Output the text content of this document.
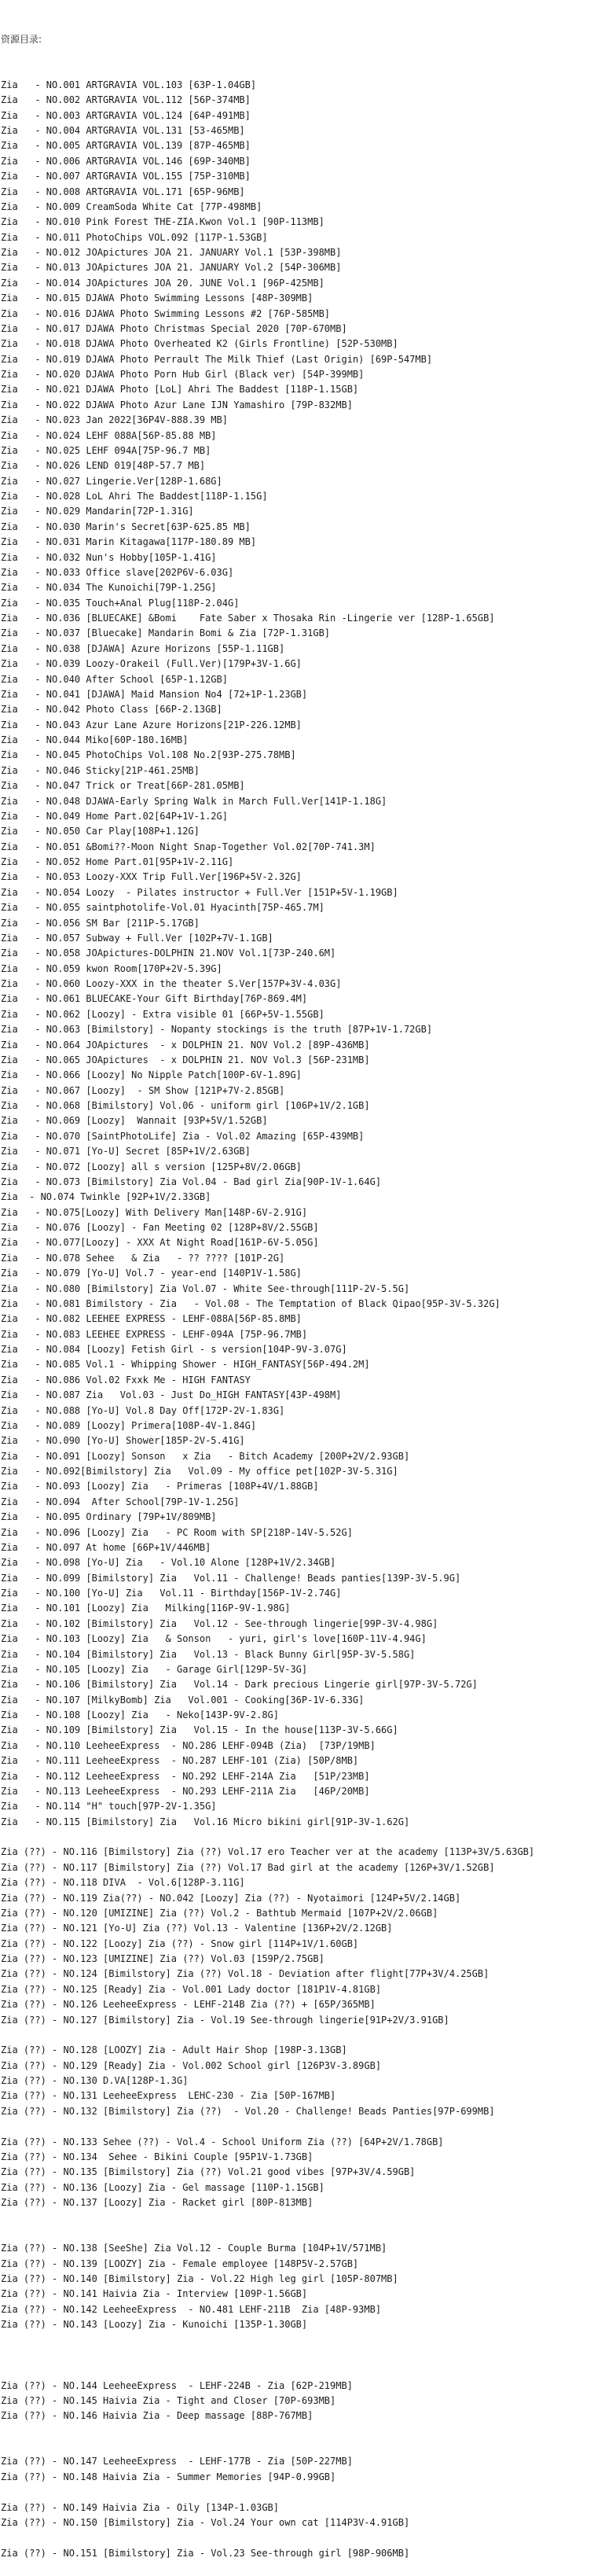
资源目录:

Zia   - NO.001 ARTGRAVIA VOL.103 [63P-1.04GB]
Zia   - NO.002 ARTGRAVIA VOL.112 [56P-374MB]
Zia   - NO.003 ARTGRAVIA VOL.124 [64P-491MB]
Zia   - NO.004 ARTGRAVIA VOL.131 [53-465MB]
Zia   - NO.005 ARTGRAVIA VOL.139 [87P-465MB]
Zia   - NO.006 ARTGRAVIA VOL.146 [69P-340MB]
Zia   - NO.007 ARTGRAVIA VOL.155 [75P-310MB]
Zia   - NO.008 ARTGRAVIA VOL.171 [65P-96MB]
Zia   - NO.009 CreamSoda White Cat [77P-498MB]
Zia   - NO.010 Pink Forest THE-ZIA.Kwon Vol.1 [90P-113MB]
Zia   - NO.011 PhotoChips VOL.092 [117P-1.53GB]
Zia   - NO.012 JOApictures JOA 21. JANUARY Vol.1 [53P-398MB]
Zia   - NO.013 JOApictures JOA 21. JANUARY Vol.2 [54P-306MB]
Zia   - NO.014 JOApictures JOA 20. JUNE Vol.1 [96P-425MB]
Zia   - NO.015 DJAWA Photo Swimming Lessons [48P-309MB]
Zia   - NO.016 DJAWA Photo Swimming Lessons #2 [76P-585MB]
Zia   - NO.017 DJAWA Photo Christmas Special 2020 [70P-670MB]
Zia   - NO.018 DJAWA Photo Overheated K2 (Girls Frontline) [52P-530MB]
Zia   - NO.019 DJAWA Photo Perrault The Milk Thief (Last Origin) [69P-547MB]
Zia   - NO.020 DJAWA Photo Porn Hub Girl (Black ver) [54P-399MB]
Zia   - NO.021 DJAWA Photo [LoL] Ahri The Baddest [118P-1.15GB]
Zia   - NO.022 DJAWA Photo Azur Lane IJN Yamashiro [79P-832MB]
Zia   - NO.023 Jan 2022[36P4V-888.39 MB]
Zia   - NO.024 LEHF 088A[56P-85.88 MB]
Zia   - NO.025 LEHF 094A[75P-96.7 MB]
Zia   - NO.026 LEND 019[48P-57.7 MB]
Zia   - NO.027 Lingerie.Ver[128P-1.68G]
Zia   - NO.028 LoL Ahri The Baddest[118P-1.15G]
Zia   - NO.029 Mandarin[72P-1.31G]
Zia   - NO.030 Marin's Secret[63P-625.85 MB]
Zia   - NO.031 Marin Kitagawa[117P-180.89 MB]
Zia   - NO.032 Nun's Hobby[105P-1.41G]
Zia   - NO.033 Office slave[202P6V-6.03G]
Zia   - NO.034 The Kunoichi[79P-1.25G]
Zia   - NO.035 Touch+Anal Plug[118P-2.04G]
Zia   - NO.036 [BLUECAKE] &Bomi    Fate Saber x Thosaka Rin -Lingerie ver [128P-1.65GB]
Zia   - NO.037 [Bluecake] Mandarin Bomi & Zia [72P-1.31GB]
Zia   - NO.038 [DJAWA] Azure Horizons [55P-1.11GB]
Zia   - NO.039 Loozy-Orakeil (Full.Ver)[179P+3V-1.6G]
Zia   - NO.040 After School [65P-1.12GB]
Zia   - NO.041 [DJAWA] Maid Mansion No4 [72+1P-1.23GB]
Zia   - NO.042 Photo Class [66P-2.13GB]
Zia   - NO.043 Azur Lane Azure Horizons[21P-226.12MB]
Zia   - NO.044 Miko[60P-180.16MB]
Zia   - NO.045 PhotoChips Vol.108 No.2[93P-275.78MB]
Zia   - NO.046 Sticky[21P-461.25MB]
Zia   - NO.047 Trick or Treat[66P-281.05MB]
Zia   - NO.048 DJAWA-Early Spring Walk in March Full.Ver[141P-1.18G]
Zia   - NO.049 Home Part.02[64P+1V-1.2G]
Zia   - NO.050 Car Play[108P+1.12G]
Zia   - NO.051 &Bomi??-Moon Night Snap-Together Vol.02[70P-741.3M]
Zia   - NO.052 Home Part.01[95P+1V-2.11G]
Zia   - NO.053 Loozy-XXX Trip Full.Ver[196P+5V-2.32G]
Zia   - NO.054 Loozy  - Pilates instructor + Full.Ver [151P+5V-1.19GB]
Zia   - NO.055 saintphotolife-Vol.01 Hyacinth[75P-465.7M]
Zia   - NO.056 SM Bar [211P-5.17GB]
Zia   - NO.057 Subway + Full.Ver [102P+7V-1.1GB]
Zia   - NO.058 JOApictures-DOLPHIN 21.NOV Vol.1[73P-240.6M]
Zia   - NO.059 kwon Room[170P+2V-5.39G]
Zia   - NO.060 Loozy-XXX in the theater S.Ver[157P+3V-4.03G]
Zia   - NO.061 BLUECAKE-Your Gift Birthday[76P-869.4M]
Zia   - NO.062 [Loozy] - Extra visible 01 [66P+5V-1.55GB]
Zia   - NO.063 [Bimilstory] - Nopanty stockings is the truth [87P+1V-1.72GB]
Zia   - NO.064 JOApictures  - x DOLPHIN 21. NOV Vol.2 [89P-436MB]
Zia   - NO.065 JOApictures  - x DOLPHIN 21. NOV Vol.3 [56P-231MB]
Zia   - NO.066 [Loozy] No Nipple Patch[100P-6V-1.89G]
Zia   - NO.067 [Loozy]  - SM Show [121P+7V-2.85GB]
Zia   - NO.068 [Bimilstory] Vol.06 - uniform girl [106P+1V/2.1GB]
Zia   - NO.069 [Loozy]  Wannait [93P+5V/1.52GB]
Zia   - NO.070 [SaintPhotoLife] Zia - Vol.02 Amazing [65P-439MB]
Zia   - NO.071 [Yo-U] Secret [85P+1V/2.63GB]
Zia   - NO.072 [Loozy] all s version [125P+8V/2.06GB]
Zia   - NO.073 [Bimilstory] Zia Vol.04 - Bad girl Zia[90P-1V-1.64G]
Zia  - NO.074 Twinkle [92P+1V/2.33GB]
Zia   - NO.075[Loozy] With Delivery Man[148P-6V-2.91G]
Zia   - NO.076 [Loozy] - Fan Meeting 02 [128P+8V/2.55GB]
Zia   - NO.077[Loozy] - XXX At Night Road[161P-6V-5.05G]
Zia   - NO.078 Sehee   & Zia   - ?? ???? [101P-2G]
Zia   - NO.079 [Yo-U] Vol.7 - year-end [140P1V-1.58G]
Zia   - NO.080 [Bimilstory] Zia Vol.07 - White See-through[111P-2V-5.5G]
Zia   - NO.081 Bimilstory - Zia   - Vol.08 - The Temptation of Black Qipao[95P-3V-5.32G]
Zia   - NO.082 LEEHEE EXPRESS - LEHF-088A[56P-85.8MB]
Zia   - NO.083 LEEHEE EXPRESS - LEHF-094A [75P-96.7MB]
Zia   - NO.084 [Loozy] Fetish Girl - s version[104P-9V-3.07G]
Zia   - NO.085 Vol.1 - Whipping Shower - HIGH_FANTASY[56P-494.2M]
Zia   - NO.086 Vol.02 Fxxk Me - HIGH FANTASY
Zia   - NO.087 Zia   Vol.03 - Just Do_HIGH FANTASY[43P-498M]
Zia   - NO.088 [Yo-U] Vol.8 Day Off[172P-2V-1.83G]
Zia   - NO.089 [Loozy] Primera[108P-4V-1.84G]
Zia   - NO.090 [Yo-U] Shower[185P-2V-5.41G]
Zia   - NO.091 [Loozy] Sonson   x Zia   - Bitch Academy [200P+2V/2.93GB]
Zia   - NO.092[Bimilstory] Zia   Vol.09 - My office pet[102P-3V-5.31G]
Zia   - NO.093 [Loozy] Zia   - Primeras [108P+4V/1.88GB]
Zia   - NO.094  After School[79P-1V-1.25G]
Zia   - NO.095 Ordinary [79P+1V/809MB]
Zia   - NO.096 [Loozy] Zia   - PC Room with SP[218P-14V-5.52G]
Zia   - NO.097 At home [66P+1V/446MB]
Zia   - NO.098 [Yo-U] Zia   - Vol.10 Alone [128P+1V/2.34GB]
Zia   - NO.099 [Bimilstory] Zia   Vol.11 - Challenge! Beads panties[139P-3V-5.9G]
Zia   - NO.100 [Yo-U] Zia   Vol.11 - Birthday[156P-1V-2.74G]
Zia   - NO.101 [Loozy] Zia   Milking[116P-9V-1.98G]
Zia   - NO.102 [Bimilstory] Zia   Vol.12 - See-through lingerie[99P-3V-4.98G]
Zia   - NO.103 [Loozy] Zia   & Sonson   - yuri, girl's love[160P-11V-4.94G]
Zia   - NO.104 [Bimilstory] Zia   Vol.13 - Black Bunny Girl[95P-3V-5.58G]
Zia   - NO.105 [Loozy] Zia   - Garage Girl[129P-5V-3G]
Zia   - NO.106 [Bimilstory] Zia   Vol.14 - Dark precious Lingerie girl[97P-3V-5.72G]
Zia   - NO.107 [MilkyBomb] Zia   Vol.001 - Cooking[36P-1V-6.33G]
Zia   - NO.108 [Loozy] Zia   - Neko[143P-9V-2.8G]
Zia   - NO.109 [Bimilstory] Zia   Vol.15 - In the house[113P-3V-5.66G]
Zia   - NO.110 LeeheeExpress  - NO.286 LEHF-094B (Zia)  [73P/19MB]
Zia   - NO.111 LeeheeExpress  - NO.287 LEHF-101 (Zia) [50P/8MB]
Zia   - NO.112 LeeheeExpress  - NO.292 LEHF-214A Zia   [51P/23MB]
Zia   - NO.113 LeeheeExpress  - NO.293 LEHF-211A Zia   [46P/20MB]
Zia   - NO.114 "H" touch[97P-2V-1.35G]
Zia   - NO.115 [Bimilstory] Zia   Vol.16 Micro bikini girl[91P-3V-1.62G]
Zia (??) - NO.116 [Bimilstory] Zia (??) Vol.17 ero Teacher ver at the academy [113P+3V/5.63GB]
Zia (??) - NO.117 [Bimilstory] Zia (??) Vol.17 Bad girl at the academy [126P+3V/1.52GB]
Zia (??) - NO.118 DIVA  - Vol.6[128P-3.11G]
Zia (??) - NO.119 Zia(??) - NO.042 [Loozy] Zia (??) - Nyotaimori [124P+5V/2.14GB]
Zia (??) - NO.120 [UMIZINE] Zia (??) Vol.2 - Bathtub Mermaid [107P+2V/2.06GB]
Zia (??) - NO.121 [Yo-U] Zia (??) Vol.13 - Valentine [136P+2V/2.12GB]
Zia (??) - NO.122 [Loozy] Zia (??) - Snow girl [114P+1V/1.60GB]
Zia (??) - NO.123 [UMIZINE] Zia (??) Vol.03 [159P/2.75GB]
Zia (??) - NO.124 [Bimilstory] Zia (??) Vol.18 - Deviation after flight[77P+3V/4.25GB]
Zia (??) - NO.125 [Ready] Zia - Vol.001 Lady doctor [181P1V-4.81GB]
Zia (??) - NO.126 LeeheeExpress - LEHF-214B Zia (??) + [65P/365MB]
Zia (??) - NO.127 [Bimilstory] Zia - Vol.19 See-through lingerie[91P+2V/3.91GB]
Zia (??) - NO.128 [LOOZY] Zia - Adult Hair Shop [198P-3.13GB]
Zia (??) - NO.129 [Ready] Zia - Vol.002 School girl [126P3V-3.89GB]
Zia (??) - NO.130 D.VA[128P-1.3G]
Zia (??) - NO.131 LeeheeExpress  LEHC-230 - Zia [50P-167MB]
Zia (??) - NO.132 [Bimilstory] Zia (??)  - Vol.20 - Challenge! Beads Panties[97P-699MB]
Zia (??) - NO.133 Sehee (??) - Vol.4 - School Uniform Zia (??) [64P+2V/1.78GB]
Zia (??) - NO.134  Sehee - Bikini Couple [95P1V-1.73GB]
Zia (??) - NO.135 [Bimilstory] Zia (??) Vol.21 good vibes [97P+3V/4.59GB]
Zia (??) - NO.136 [Loozy] Zia - Gel massage [110P-1.15GB]
Zia (??) - NO.137 [Loozy] Zia - Racket girl [80P-813MB]
Zia (??) - NO.138 [SeeShe] Zia Vol.12 - Couple Burma [104P+1V/571MB]
Zia (??) - NO.139 [LOOZY] Zia - Female employee [148P5V-2.57GB]
Zia (??) - NO.140 [Bimilstory] Zia - Vol.22 High leg girl [105P-807MB]
Zia (??) - NO.141 Haivia Zia - Interview [109P-1.56GB]
Zia (??) - NO.142 LeeheeExpress  - NO.481 LEHF-211B  Zia [48P-93MB]
Zia (??) - NO.143 [Loozy] Zia - Kunoichi [135P-1.30GB]
Zia (??) - NO.144 LeeheeExpress  - LEHF-224B - Zia [62P-219MB]
Zia (??) - NO.145 Haivia Zia - Tight and Closer [70P-693MB]
Zia (??) - NO.146 Haivia Zia - Deep massage [88P-767MB]
Zia (??) - NO.147 LeeheeExpress  - LEHF-177B - Zia [50P-227MB]
Zia (??) - NO.148 Haivia Zia - Summer Memories [94P-0.99GB]
Zia (??) - NO.149 Haivia Zia - Oily [134P-1.03GB]
Zia (??) - NO.150 [Bimilstory] Zia - Vol.24 Your own cat [114P3V-4.91GB]
Zia (??) - NO.151 [Bimilstory] Zia - Vol.23 See-through girl [98P-906MB]
